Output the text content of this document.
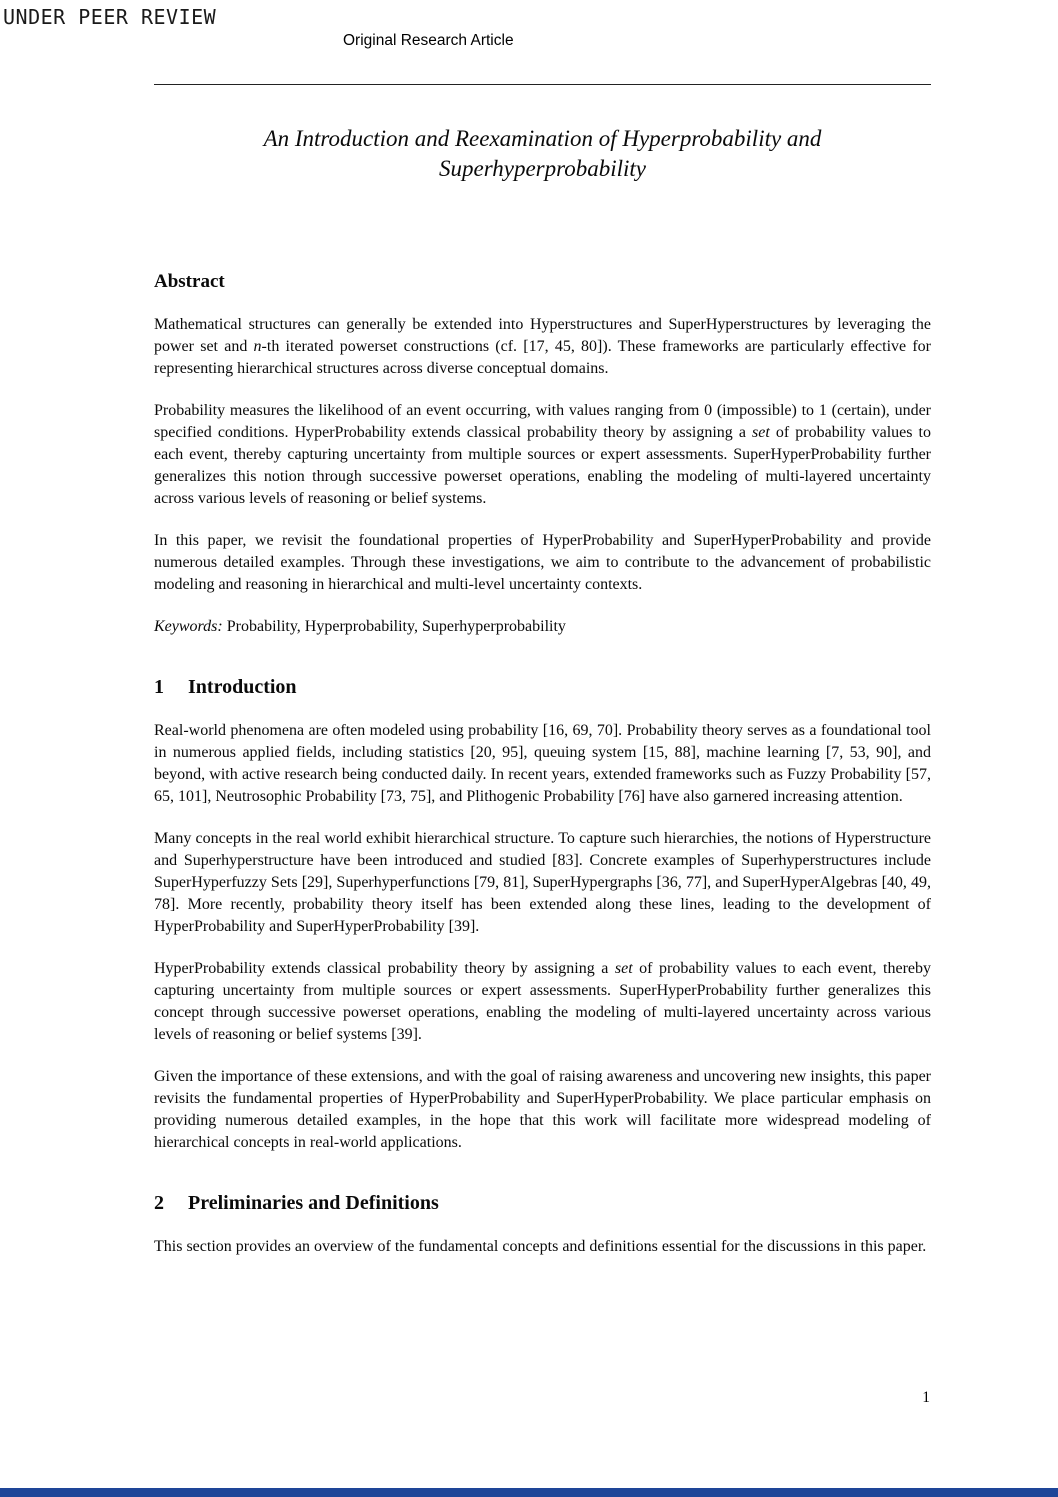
UNDER PEER REVIEW
Original Research Article
An Introduction and Reexamination of Hyperprobability and Superhyperprobability
Abstract

Mathematical structures can generally be extended into Hyperstructures and SuperHyperstructures by leveraging the power set and n-th iterated powerset constructions (cf. [17, 45, 80]). These frameworks are particularly effective for representing hierarchical structures across diverse conceptual domains.

Probability measures the likelihood of an event occurring, with values ranging from 0 (impossible) to 1 (certain), under specified conditions. HyperProbability extends classical probability theory by assigning a set of probability values to each event, thereby capturing uncertainty from multiple sources or expert assessments. SuperHyperProbability further generalizes this notion through successive powerset operations, enabling the modeling of multi-layered uncertainty across various levels of reasoning or belief systems.

In this paper, we revisit the foundational properties of HyperProbability and SuperHyperProbability and provide numerous detailed examples. Through these investigations, we aim to contribute to the advancement of probabilistic modeling and reasoning in hierarchical and multi-level uncertainty contexts.

Keywords: Probability, Hyperprobability, Superhyperprobability

1 Introduction

Real-world phenomena are often modeled using probability [16, 69, 70]. Probability theory serves as a foundational tool in numerous applied fields, including statistics [20, 95], queuing system [15, 88], machine learning [7, 53, 90], and beyond, with active research being conducted daily. In recent years, extended frameworks such as Fuzzy Probability [57, 65, 101], Neutrosophic Probability [73, 75], and Plithogenic Probability [76] have also garnered increasing attention.

Many concepts in the real world exhibit hierarchical structure. To capture such hierarchies, the notions of Hyperstructure and Superhyperstructure have been introduced and studied [83]. Concrete examples of Superhyperstructures include SuperHyperfuzzy Sets [29], Superhyperfunctions [79, 81], SuperHypergraphs [36, 77], and SuperHyperAlgebras [40, 49, 78]. More recently, probability theory itself has been extended along these lines, leading to the development of HyperProbability and SuperHyperProbability [39].

HyperProbability extends classical probability theory by assigning a set of probability values to each event, thereby capturing uncertainty from multiple sources or expert assessments. SuperHyperProbability further generalizes this concept through successive powerset operations, enabling the modeling of multi-layered uncertainty across various levels of reasoning or belief systems [39].

Given the importance of these extensions, and with the goal of raising awareness and uncovering new insights, this paper revisits the fundamental properties of HyperProbability and SuperHyperProbability. We place particular emphasis on providing numerous detailed examples, in the hope that this work will facilitate more widespread modeling of hierarchical concepts in real-world applications.

2 Preliminaries and Definitions

This section provides an overview of the fundamental concepts and definitions essential for the discussions in this paper.

1
